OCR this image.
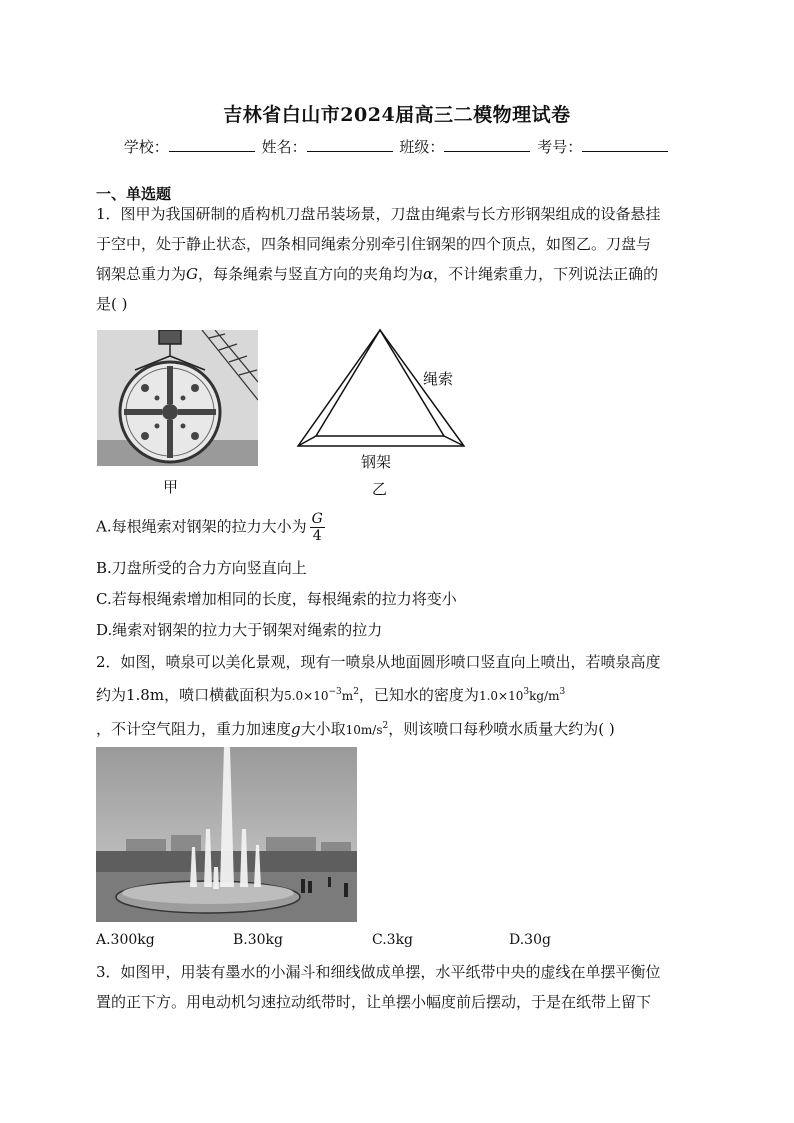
吉林省白山市2024届高三二模物理试卷
学校：	姓名：	班级：	考号：
一、单选题
1．图甲为我国研制的盾构机刀盘吊装场景，刀盘由绳索与长方形钢架组成的设备悬挂
于空中，处于静止状态，四条相同绳索分别牵引住钢架的四个顶点，如图乙。刀盘与
钢架总重力为G，每条绳索与竖直方向的夹角均为α，不计绳索重力，下列说法正确的
是( )
甲
绳索
钢架
乙
A.每根绳索对钢架的拉力大小为 $\frac{G}{4}$
B.刀盘所受的合力方向竖直向上
C.若每根绳索增加相同的长度，每根绳索的拉力将变小
D.绳索对钢架的拉力大于钢架对绳索的拉力
2．如图，喷泉可以美化景观，现有一喷泉从地面圆形喷口竖直向上喷出，若喷泉高度
约为1.8m，喷口横截面积为$5.0\times 10^{-3}m^2$，已知水的密度为$1.0\times 10^3kg/m^3$
，不计空气阻力，重力加速度g大小取$10m/s^2$，则该喷口每秒喷水质量大约为( )
A.300kg	B.30kg	C.3kg	D.30g
3．如图甲，用装有墨水的小漏斗和细线做成单摆，水平纸带中央的虚线在单摆平衡位
置的正下方。用电动机匀速拉动纸带时，让单摆小幅度前后摆动，于是在纸带上留下
